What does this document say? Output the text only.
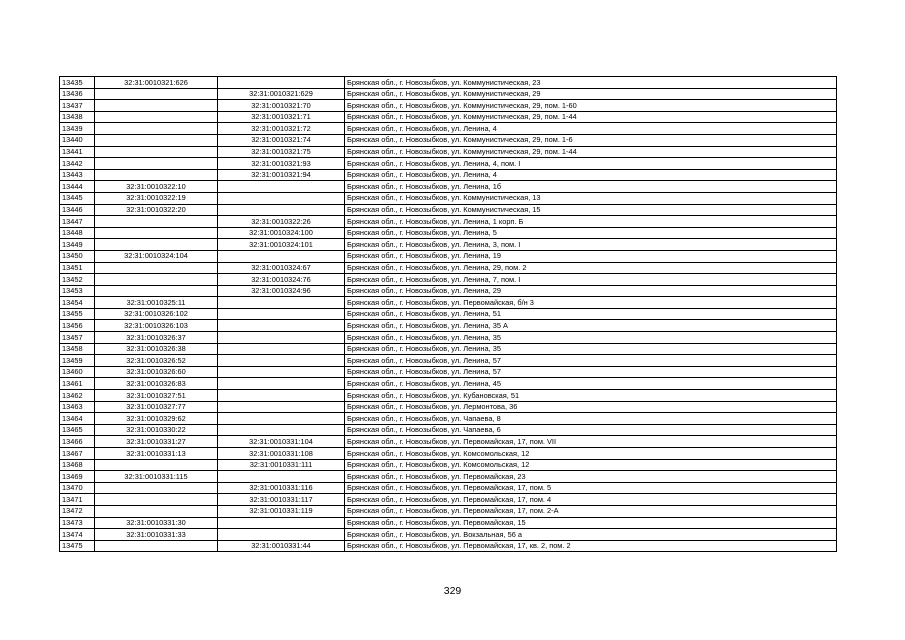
13435	32:31:0010321:626		Брянская обл., г. Новозыбков, ул. Коммунистическая, 23
13436		32:31:0010321:629	Брянская обл., г. Новозыбков, ул. Коммунистическая, 29
13437		32:31:0010321:70	Брянская обл., г. Новозыбков, ул. Коммунистическая, 29, пом. 1-60
13438		32:31:0010321:71	Брянская обл., г. Новозыбков, ул. Коммунистическая, 29, пом. 1-44
13439		32:31:0010321:72	Брянская обл., г. Новозыбков, ул. Ленина, 4
13440		32:31:0010321:74	Брянская обл., г. Новозыбков, ул. Коммунистическая, 29, пом. 1-6
13441		32:31:0010321:75	Брянская обл., г. Новозыбков, ул. Коммунистическая, 29, пом. 1-44
13442		32:31:0010321:93	Брянская обл., г. Новозыбков, ул. Ленина, 4, пом. I
13443		32:31:0010321:94	Брянская обл., г. Новозыбков, ул. Ленина, 4
13444	32:31:0010322:10		Брянская обл., г. Новозыбков, ул. Ленина, 1б
13445	32:31:0010322:19		Брянская обл., г. Новозыбков, ул. Коммунистическая, 13
13446	32:31:0010322:20		Брянская обл., г. Новозыбков, ул. Коммунистическая, 15
13447		32:31:0010322:26	Брянская обл., г. Новозыбков, ул. Ленина, 1 корп. Б
13448		32:31:0010324:100	Брянская обл., г. Новозыбков, ул. Ленина, 5
13449		32:31:0010324:101	Брянская обл., г. Новозыбков, ул. Ленина, 3, пом. I
13450	32:31:0010324:104		Брянская обл., г. Новозыбков, ул. Ленина, 19
13451		32:31:0010324:67	Брянская обл., г. Новозыбков, ул. Ленина, 29, пом. 2
13452		32:31:0010324:76	Брянская обл., г. Новозыбков, ул. Ленина, 7, пом. I
13453		32:31:0010324:96	Брянская обл., г. Новозыбков, ул. Ленина, 29
13454	32:31:0010325:11		Брянская обл., г. Новозыбков, ул. Первомайская, б/н 3
13455	32:31:0010326:102		Брянская обл., г. Новозыбков, ул. Ленина, 51
13456	32:31:0010326:103		Брянская обл., г. Новозыбков, ул. Ленина, 35 А
13457	32:31:0010326:37		Брянская обл., г. Новозыбков, ул. Ленина, 35
13458	32:31:0010326:38		Брянская обл., г. Новозыбков, ул. Ленина, 35
13459	32:31:0010326:52		Брянская обл., г. Новозыбков, ул. Ленина, 57
13460	32:31:0010326:60		Брянская обл., г. Новозыбков, ул. Ленина, 57
13461	32:31:0010326:83		Брянская обл., г. Новозыбков, ул. Ленина, 45
13462	32:31:0010327:51		Брянская обл., г. Новозыбков, ул. Кубановская, 51
13463	32:31:0010327:77		Брянская обл., г. Новозыбков, ул. Лермонтова, 36
13464	32:31:0010329:62		Брянская обл., г. Новозыбков, ул. Чапаева, 8
13465	32:31:0010330:22		Брянская обл., г. Новозыбков, ул. Чапаева, 6
13466	32:31:0010331:27	32:31:0010331:104	Брянская обл., г. Новозыбков, ул. Первомайская, 17, пом. VII
13467	32:31:0010331:13	32:31:0010331:108	Брянская обл., г. Новозыбков, ул. Комсомольская, 12
13468		32:31:0010331:111	Брянская обл., г. Новозыбков, ул. Комсомольская, 12
13469	32:31:0010331:115		Брянская обл., г. Новозыбков, ул. Первомайская, 23
13470		32:31:0010331:116	Брянская обл., г. Новозыбков, ул. Первомайская, 17, пом. 5
13471		32:31:0010331:117	Брянская обл., г. Новозыбков, ул. Первомайская, 17, пом. 4
13472		32:31:0010331:119	Брянская обл., г. Новозыбков, ул. Первомайская, 17, пом. 2-А
13473	32:31:0010331:30		Брянская обл., г. Новозыбков, ул. Первомайская, 15
13474	32:31:0010331:33		Брянская обл., г. Новозыбков, ул. Вокзальная, 56 а
13475		32:31:0010331:44	Брянская обл., г. Новозыбков, ул. Первомайская, 17, кв. 2, пом. 2
329
